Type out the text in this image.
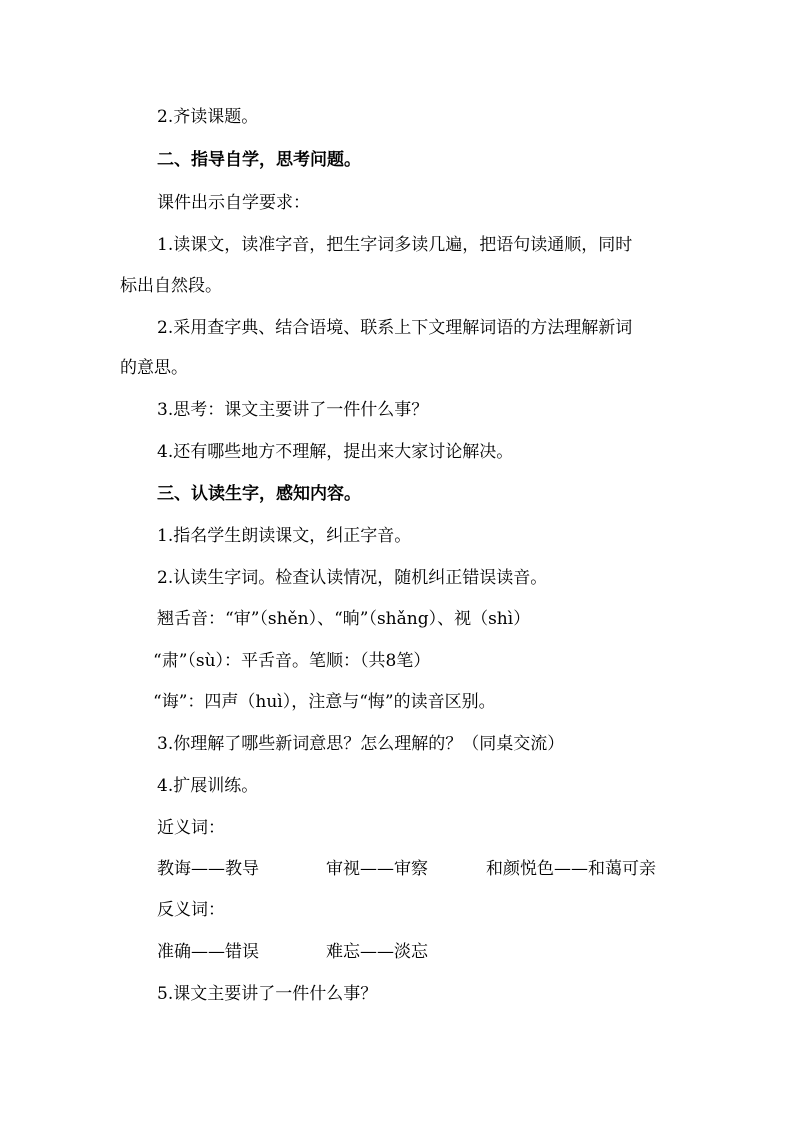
2.齐读课题。
二、指导自学，思考问题。
课件出示自学要求：
1.读课文，读准字音，把生字词多读几遍，把语句读通顺，同时
标出自然段。
2.采用查字典、结合语境、联系上下文理解词语的方法理解新词
的意思。
3.思考：课文主要讲了一件什么事？
4.还有哪些地方不理解，提出来大家讨论解决。
三、认读生字，感知内容。
1.指名学生朗读课文，纠正字音。
2.认读生字词。检查认读情况，随机纠正错误读音。
翘舌音：“审”（shěn）、“晌”（shǎng）、视（shì）
“肃”（sù）：平舌音。笔顺：（共8笔）
“诲”：四声（huì），注意与“悔”的读音区别。
3.你理解了哪些新词意思？怎么理解的？（同桌交流）
4.扩展训练。
近义词：
教诲——教导	审视——审察	和颜悦色——和蔼可亲
反义词：
准确——错误	难忘——淡忘
5.课文主要讲了一件什么事？
